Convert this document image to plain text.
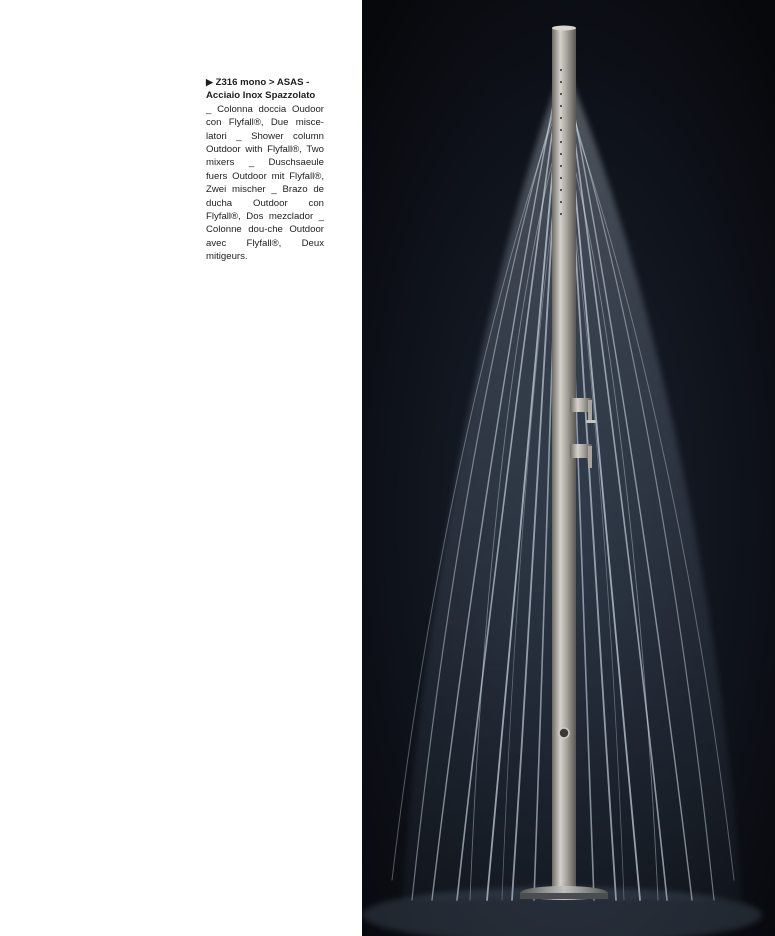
▶ Z316 mono > ASAS - Acciaio Inox Spazzolato
_ Colonna doccia Oudoor con Flyfall®, Due misce-latori _ Shower column Outdoor with Flyfall®, Two mixers _ Duschsaeule fuers Outdoor mit Flyfall®, Zwei mischer _ Brazo de ducha Outdoor con Flyfall®, Dos mezclador _ Colonne dou-che Outdoor avec Flyfall®, Deux mitigeurs.
